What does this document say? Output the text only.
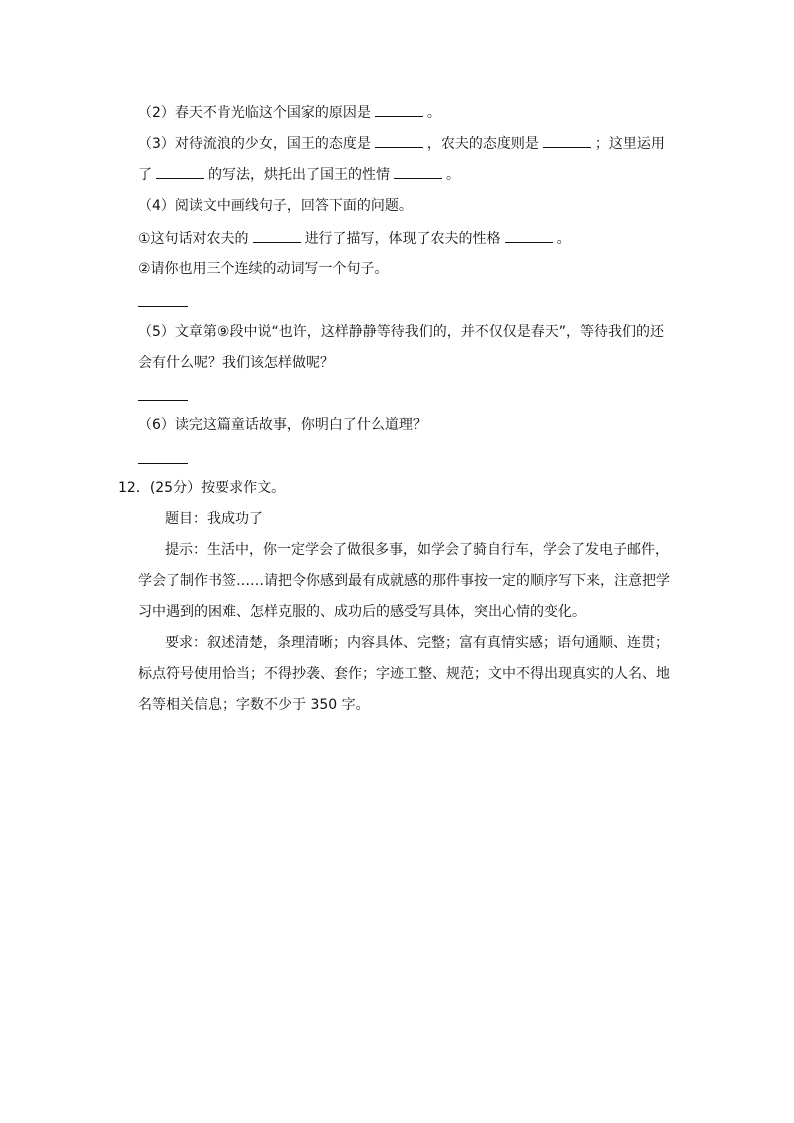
（2）春天不肯光临这个国家的原因是	。
（3）对待流浪的少女，国王的态度是	，农夫的态度则是	；这里运用
了	的写法，烘托出了国王的性情	。
（4）阅读文中画线句子，回答下面的问题。
①这句话对农夫的	进行了描写，体现了农夫的性格	。
②请你也用三个连续的动词写一个句子。
（5）文章第⑨段中说“也许，这样静静等待我们的，并不仅仅是春天”，等待我们的还
会有什么呢？我们该怎样做呢？
（6）读完这篇童话故事，你明白了什么道理？
12．(25分）按要求作文。
题目：我成功了
提示：生活中，你一定学会了做很多事，如学会了骑自行车，学会了发电子邮件，
学会了制作书签……请把令你感到最有成就感的那件事按一定的顺序写下来，注意把学
习中遇到的困难、怎样克服的、成功后的感受写具体，突出心情的变化。
要求：叙述清楚，条理清晰；内容具体、完整；富有真情实感；语句通顺、连贯；
标点符号使用恰当；不得抄袭、套作；字迹工整、规范；文中不得出现真实的人名、地
名等相关信息；字数不少于 350 字。
